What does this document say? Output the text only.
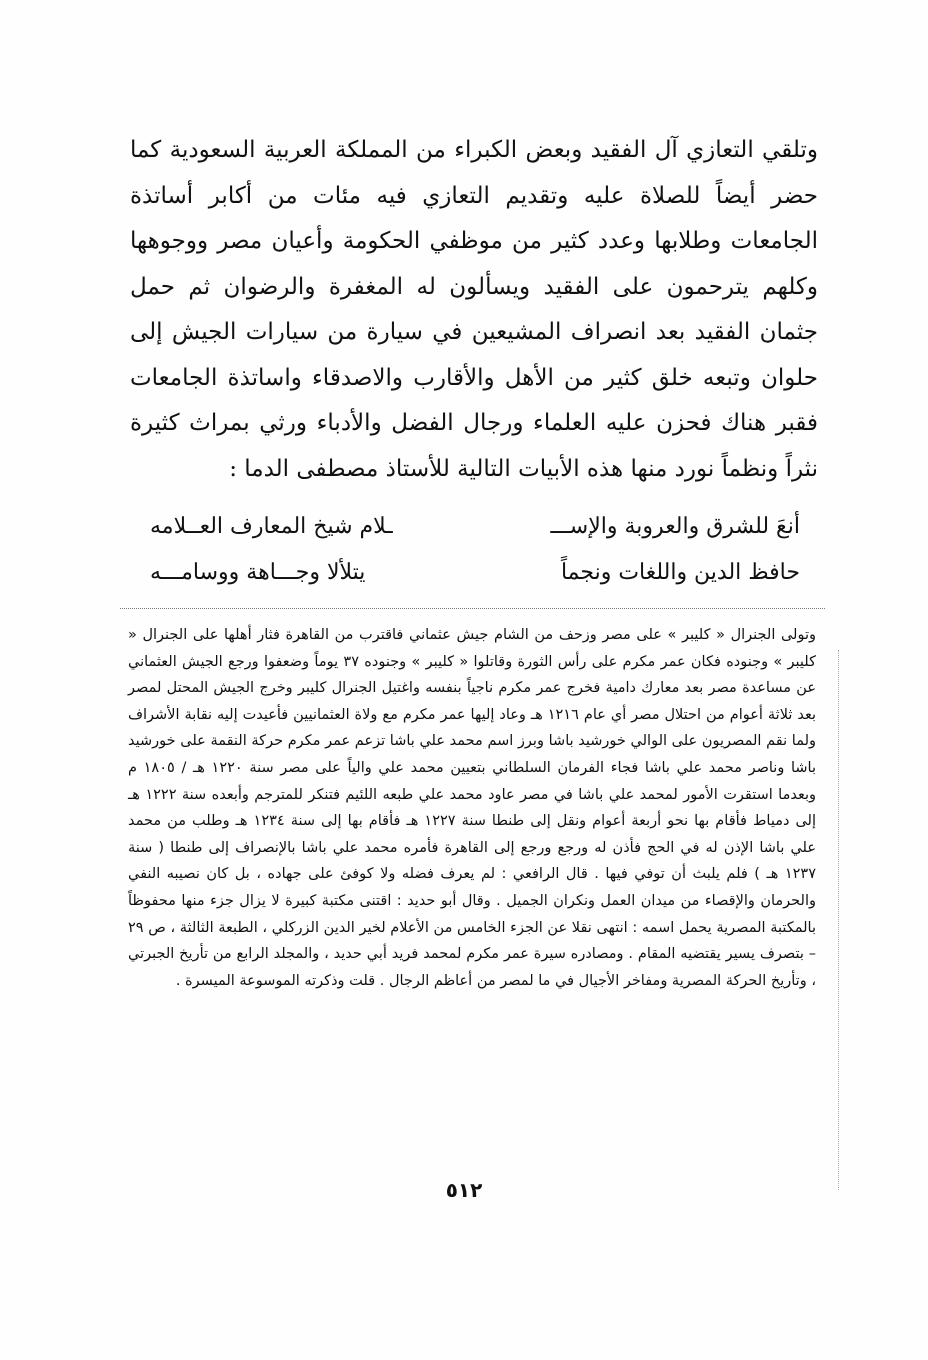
وتلقي التعازي آل الفقيد وبعض الكبراء من المملكة العربية السعودية كما حضر أيضاً للصلاة عليه وتقديم التعازي فيه مئات من أكابر أساتذة الجامعات وطلابها وعدد كثير من موظفي الحكومة وأعيان مصر ووجوهها وكلهم يترحمون على الفقيد ويسألون له المغفرة والرضوان ثم حمل جثمان الفقيد بعد انصراف المشيعين في سيارة من سيارات الجيش إلى حلوان وتبعه خلق كثير من الأهل والأقارب والاصدقاء واساتذة الجامعات فقبر هناك فحزن عليه العلماء ورجال الفضل والأدباء ورثي بمراث كثيرة نثراً ونظماً نورد منها هذه الأبيات التالية للأستاذ مصطفى الدما :

أنعَ للشرق والعروبة والإســـ
ـلام شيخ المعارف العــلامه
حافظ الدين واللغات ونجماً
يتلألا وجـــاهة ووسامـــه

وتولى الجنرال « كليبر » على مصر وزحف من الشام جيش عثماني فاقترب من القاهرة فثار أهلها على الجنرال « كليبر » وجنوده فكان عمر مكرم على رأس الثورة وقاتلوا « كليبر » وجنوده ٣٧ يوماً وضعفوا ورجع الجيش العثماني عن مساعدة مصر بعد معارك دامية فخرج عمر مكرم ناجياً بنفسه واغتيل الجنرال كليبر وخرج الجيش المحتل لمصر بعد ثلاثة أعوام من احتلال مصر أي عام ١٢١٦ هـ وعاد إليها عمر مكرم مع ولاة العثمانيين فأعيدت إليه نقابة الأشراف ولما نقم المصريون على الوالي خورشيد باشا وبرز اسم محمد علي باشا تزعم عمر مكرم حركة النقمة على خورشيد باشا وناصر محمد علي باشا فجاء الفرمان السلطاني بتعيين محمد علي والياً على مصر سنة ١٢٢٠ هـ / ١٨٠٥ م وبعدما استقرت الأمور لمحمد علي باشا في مصر عاود محمد علي طبعه اللئيم فتنكر للمترجم وأبعده سنة ١٢٢٢ هـ إلى دمياط فأقام بها نحو أربعة أعوام ونقل إلى طنطا سنة ١٢٢٧ هـ فأقام بها إلى سنة ١٢٣٤ هـ وطلب من محمد علي باشا الإذن له في الحج فأذن له ورجع ورجع إلى القاهرة فأمره محمد علي باشا بالإنصراف إلى طنطا ( سنة ١٢٣٧ هـ ) فلم يلبث أن توفي فيها . قال الرافعي : لم يعرف فضله ولا كوفئ على جهاده ، بل كان نصيبه النفي والحرمان والإقصاء من ميدان العمل ونكران الجميل . وقال أبو حديد : اقتنى مكتبة كبيرة لا يزال جزء منها محفوظاً بالمكتبة المصرية يحمل اسمه : انتهى نقلا عن الجزء الخامس من الأعلام لخير الدين الزركلي ، الطبعة الثالثة ، ص ٢٩ – بتصرف يسير يقتضيه المقام . ومصادره سيرة عمر مكرم لمحمد فريد أبي حديد ، والمجلد الرابع من تأريخ الجبرتي ، وتأريخ الحركة المصرية ومفاخر الأجيال في ما لمصر من أعاظم الرجال . قلت وذكرته الموسوعة الميسرة .

٥١٢
